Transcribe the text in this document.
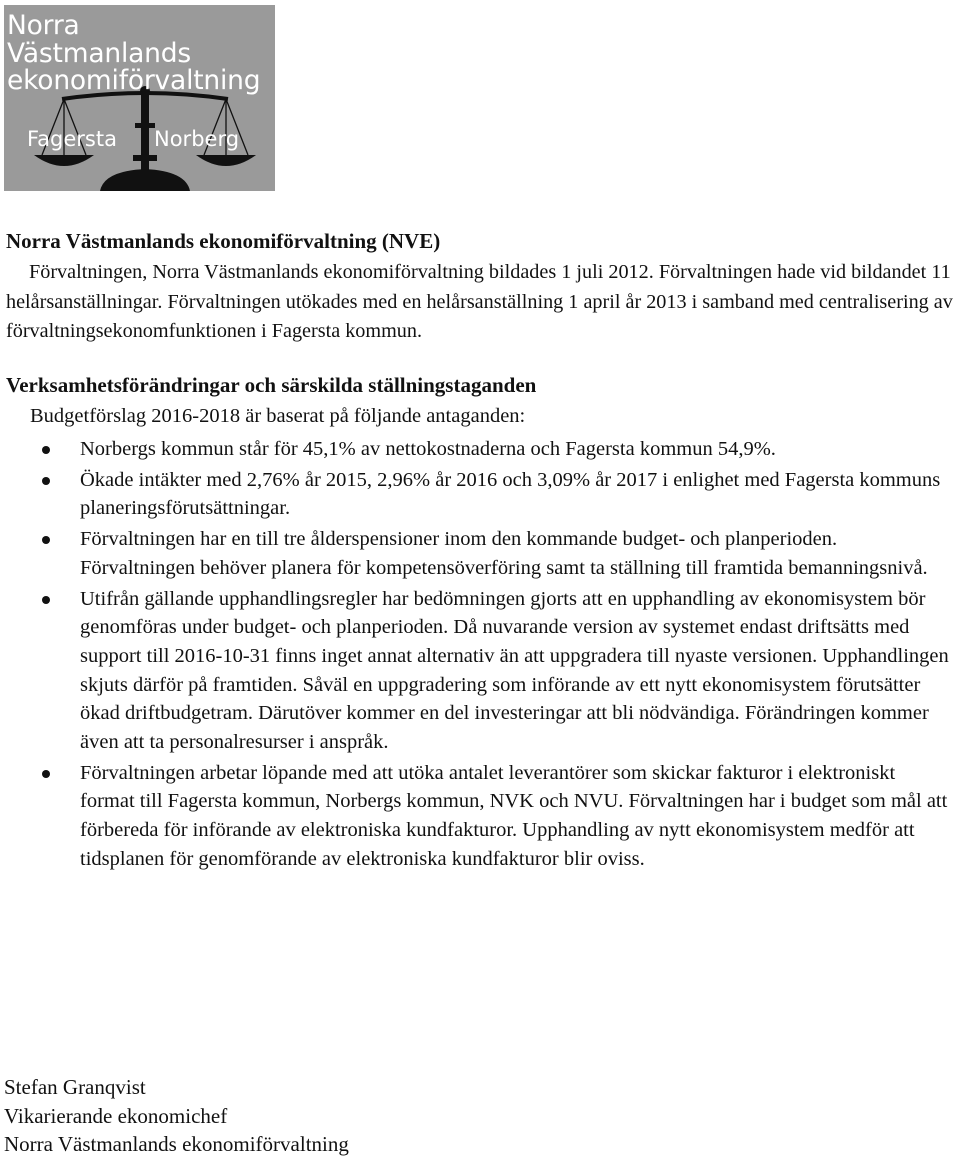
Norra
Västmanlands
ekonomiförvaltning
Fagersta Norberg
Norra Västmanlands ekonomiförvaltning (NVE)

Förvaltningen, Norra Västmanlands ekonomiförvaltning bildades 1 juli 2012. Förvaltningen hade vid bildandet 11 helårsanställningar. Förvaltningen utökades med en helårsanställning 1 april år 2013 i samband med centralisering av förvaltningsekonomfunktionen i Fagersta kommun.

Verksamhetsförändringar och särskilda ställningstaganden

Budgetförslag 2016-2018 är baserat på följande antaganden:

Norbergs kommun står för 45,1% av nettokostnaderna och Fagersta kommun 54,9%.
Ökade intäkter med 2,76% år 2015, 2,96% år 2016 och 3,09% år 2017 i enlighet med Fagersta kommuns planeringsförutsättningar.
Förvaltningen har en till tre ålderspensioner inom den kommande budget- och planperioden. Förvaltningen behöver planera för kompetensöverföring samt ta ställning till framtida bemanningsnivå.
Utifrån gällande upphandlingsregler har bedömningen gjorts att en upphandling av ekonomisystem bör genomföras under budget- och planperioden. Då nuvarande version av systemet endast driftsätts med support till 2016-10-31 finns inget annat alternativ än att uppgradera till nyaste versionen. Upphandlingen skjuts därför på framtiden. Såväl en uppgradering som införande av ett nytt ekonomisystem förutsätter ökad driftbudgetram. Därutöver kommer en del investeringar att bli nödvändiga. Förändringen kommer även att ta personalresurser i anspråk.
Förvaltningen arbetar löpande med att utöka antalet leverantörer som skickar fakturor i elektroniskt format till Fagersta kommun, Norbergs kommun, NVK och NVU. Förvaltningen har i budget som mål att förbereda för införande av elektroniska kundfakturor. Upphandling av nytt ekonomisystem medför att tidsplanen för genomförande av elektroniska kundfakturor blir oviss.
Stefan Granqvist
Vikarierande ekonomichef
Norra Västmanlands ekonomiförvaltning
